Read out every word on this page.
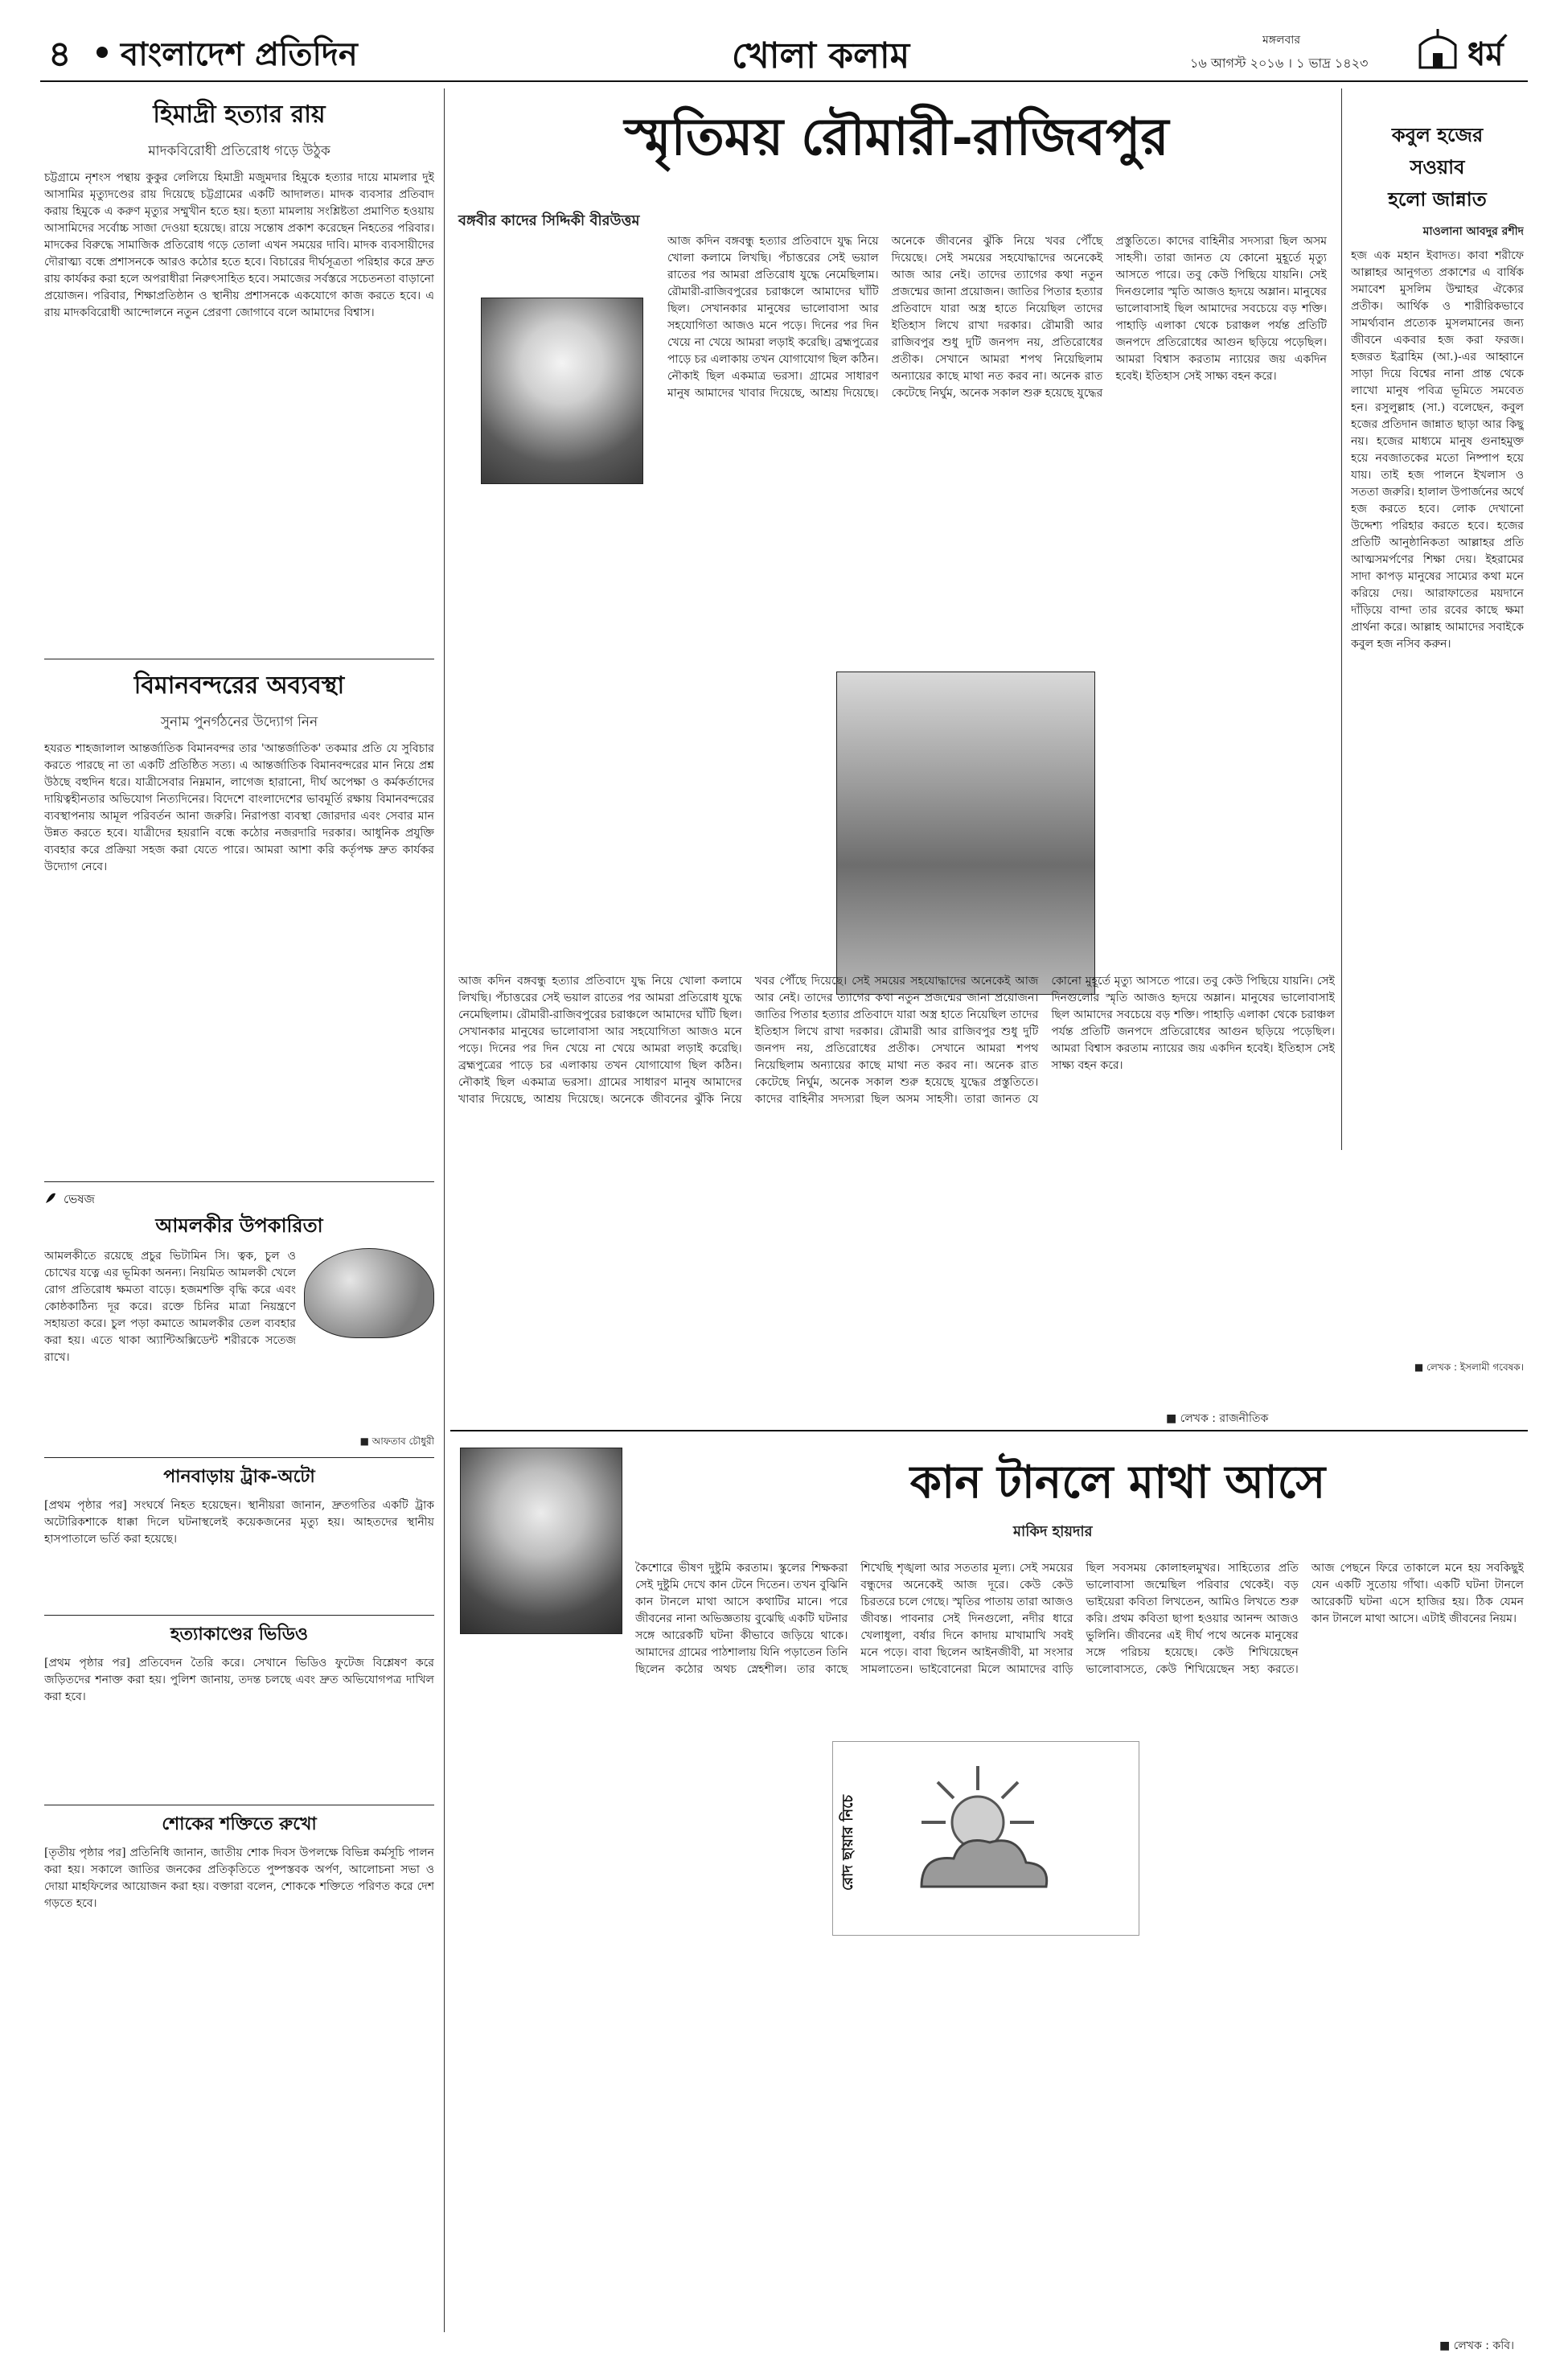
৪ বাংলাদেশ প্রতিদিন	খোলা কলাম	মঙ্গলবার
১৬ আগস্ট ২০১৬ । ১ ভাদ্র ১৪২৩	ধর্ম
হিমাদ্রী হত্যার রায়
মাদকবিরোধী প্রতিরোধ গড়ে উঠুক
চট্টগ্রামে নৃশংস পন্থায় কুকুর লেলিয়ে হিমাদ্রী মজুমদার হিমুকে হত্যার দায়ে মামলার দুই আসামির মৃত্যুদণ্ডের রায় দিয়েছে চট্টগ্রামের একটি আদালত। মাদক ব্যবসার প্রতিবাদ করায় হিমুকে এ করুণ মৃত্যুর সম্মুখীন হতে হয়। হত্যা মামলায় সংশ্লিষ্টতা প্রমাণিত হওয়ায় আসামিদের সর্বোচ্চ সাজা দেওয়া হয়েছে। রায়ে সন্তোষ প্রকাশ করেছেন নিহতের পরিবার। মাদকের বিরুদ্ধে সামাজিক প্রতিরোধ গড়ে তোলা এখন সময়ের দাবি। মাদক ব্যবসায়ীদের দৌরাত্ম্য বন্ধে প্রশাসনকে আরও কঠোর হতে হবে। বিচারের দীর্ঘসূত্রতা পরিহার করে দ্রুত রায় কার্যকর করা হলে অপরাধীরা নিরুৎসাহিত হবে। সমাজের সর্বস্তরে সচেতনতা বাড়ানো প্রয়োজন। পরিবার, শিক্ষাপ্রতিষ্ঠান ও স্থানীয় প্রশাসনকে একযোগে কাজ করতে হবে। এ রায় মাদকবিরোধী আন্দোলনে নতুন প্রেরণা জোগাবে বলে আমাদের বিশ্বাস।
বিমানবন্দরের অব্যবস্থা
সুনাম পুনর্গঠনের উদ্যোগ নিন
হযরত শাহজালাল আন্তর্জাতিক বিমানবন্দর তার 'আন্তর্জাতিক' তকমার প্রতি যে সুবিচার করতে পারছে না তা একটি প্রতিষ্ঠিত সত্য। এ আন্তর্জাতিক বিমানবন্দরের মান নিয়ে প্রশ্ন উঠছে বহুদিন ধরে। যাত্রীসেবার নিম্নমান, লাগেজ হারানো, দীর্ঘ অপেক্ষা ও কর্মকর্তাদের দায়িত্বহীনতার অভিযোগ নিত্যদিনের। বিদেশে বাংলাদেশের ভাবমূর্তি রক্ষায় বিমানবন্দরের ব্যবস্থাপনায় আমূল পরিবর্তন আনা জরুরি। নিরাপত্তা ব্যবস্থা জোরদার এবং সেবার মান উন্নত করতে হবে। যাত্রীদের হয়রানি বন্ধে কঠোর নজরদারি দরকার। আধুনিক প্রযুক্তি ব্যবহার করে প্রক্রিয়া সহজ করা যেতে পারে। আমরা আশা করি কর্তৃপক্ষ দ্রুত কার্যকর উদ্যোগ নেবে।
ভেষজ
আমলকীর উপকারিতা
আমলকীতে রয়েছে প্রচুর ভিটামিন সি। ত্বক, চুল ও চোখের যত্নে এর ভূমিকা অনন্য। নিয়মিত আমলকী খেলে রোগ প্রতিরোধ ক্ষমতা বাড়ে। হজমশক্তি বৃদ্ধি করে এবং কোষ্ঠকাঠিন্য দূর করে। রক্তে চিনির মাত্রা নিয়ন্ত্রণে সহায়তা করে। চুল পড়া কমাতে আমলকীর তেল ব্যবহার করা হয়। এতে থাকা অ্যান্টিঅক্সিডেন্ট শরীরকে সতেজ রাখে।
■ আফতাব চৌধুরী
পানবাড়ায় ট্রাক-অটো
[প্রথম পৃষ্ঠার পর] সংঘর্ষে নিহত হয়েছেন। স্থানীয়রা জানান, দ্রুতগতির একটি ট্রাক অটোরিকশাকে ধাক্কা দিলে ঘটনাস্থলেই কয়েকজনের মৃত্যু হয়। আহতদের স্থানীয় হাসপাতালে ভর্তি করা হয়েছে।
হত্যাকাণ্ডের ভিডিও
[প্রথম পৃষ্ঠার পর] প্রতিবেদন তৈরি করে। সেখানে ভিডিও ফুটেজ বিশ্লেষণ করে জড়িতদের শনাক্ত করা হয়। পুলিশ জানায়, তদন্ত চলছে এবং দ্রুত অভিযোগপত্র দাখিল করা হবে।
শোকের শক্তিতে রুখো
[তৃতীয় পৃষ্ঠার পর] প্রতিনিধি জানান, জাতীয় শোক দিবস উপলক্ষে বিভিন্ন কর্মসূচি পালন করা হয়। সকালে জাতির জনকের প্রতিকৃতিতে পুষ্পস্তবক অর্পণ, আলোচনা সভা ও দোয়া মাহফিলের আয়োজন করা হয়। বক্তারা বলেন, শোককে শক্তিতে পরিণত করে দেশ গড়তে হবে।
স্মৃতিময় রৌমারী-রাজিবপুর
বঙ্গবীর কাদের সিদ্দিকী বীরউত্তম
আজ কদিন বঙ্গবন্ধু হত্যার প্রতিবাদে যুদ্ধ নিয়ে খোলা কলামে লিখছি। পঁচাত্তরের সেই ভয়াল রাতের পর আমরা প্রতিরোধ যুদ্ধে নেমেছিলাম। রৌমারী-রাজিবপুরের চরাঞ্চলে আমাদের ঘাঁটি ছিল। সেখানকার মানুষের ভালোবাসা আর সহযোগিতা আজও মনে পড়ে। দিনের পর দিন খেয়ে না খেয়ে আমরা লড়াই করেছি। ব্রহ্মপুত্রের পাড়ে চর এলাকায় তখন যোগাযোগ ছিল কঠিন। নৌকাই ছিল একমাত্র ভরসা। গ্রামের সাধারণ মানুষ আমাদের খাবার দিয়েছে, আশ্রয় দিয়েছে। অনেকে জীবনের ঝুঁকি নিয়ে খবর পৌঁছে দিয়েছে। সেই সময়ের সহযোদ্ধাদের অনেকেই আজ আর নেই। তাদের ত্যাগের কথা নতুন প্রজন্মের জানা প্রয়োজন। জাতির পিতার হত্যার প্রতিবাদে যারা অস্ত্র হাতে নিয়েছিল তাদের ইতিহাস লিখে রাখা দরকার। রৌমারী আর রাজিবপুর শুধু দুটি জনপদ নয়, প্রতিরোধের প্রতীক। সেখানে আমরা শপথ নিয়েছিলাম অন্যায়ের কাছে মাথা নত করব না। অনেক রাত কেটেছে নির্ঘুম, অনেক সকাল শুরু হয়েছে যুদ্ধের প্রস্তুতিতে। কাদের বাহিনীর সদস্যরা ছিল অসম সাহসী। তারা জানত যে কোনো মুহূর্তে মৃত্যু আসতে পারে। তবু কেউ পিছিয়ে যায়নি। সেই দিনগুলোর স্মৃতি আজও হৃদয়ে অম্লান। মানুষের ভালোবাসাই ছিল আমাদের সবচেয়ে বড় শক্তি। পাহাড়ি এলাকা থেকে চরাঞ্চল পর্যন্ত প্রতিটি জনপদে প্রতিরোধের আগুন ছড়িয়ে পড়েছিল। আমরা বিশ্বাস করতাম ন্যায়ের জয় একদিন হবেই। ইতিহাস সেই সাক্ষ্য বহন করে।
আজ কদিন বঙ্গবন্ধু হত্যার প্রতিবাদে যুদ্ধ নিয়ে খোলা কলামে লিখছি। পঁচাত্তরের সেই ভয়াল রাতের পর আমরা প্রতিরোধ যুদ্ধে নেমেছিলাম। রৌমারী-রাজিবপুরের চরাঞ্চলে আমাদের ঘাঁটি ছিল। সেখানকার মানুষের ভালোবাসা আর সহযোগিতা আজও মনে পড়ে। দিনের পর দিন খেয়ে না খেয়ে আমরা লড়াই করেছি। ব্রহ্মপুত্রের পাড়ে চর এলাকায় তখন যোগাযোগ ছিল কঠিন। নৌকাই ছিল একমাত্র ভরসা। গ্রামের সাধারণ মানুষ আমাদের খাবার দিয়েছে, আশ্রয় দিয়েছে। অনেকে জীবনের ঝুঁকি নিয়ে খবর পৌঁছে দিয়েছে। সেই সময়ের সহযোদ্ধাদের অনেকেই আজ আর নেই। তাদের ত্যাগের কথা নতুন প্রজন্মের জানা প্রয়োজন। জাতির পিতার হত্যার প্রতিবাদে যারা অস্ত্র হাতে নিয়েছিল তাদের ইতিহাস লিখে রাখা দরকার। রৌমারী আর রাজিবপুর শুধু দুটি জনপদ নয়, প্রতিরোধের প্রতীক। সেখানে আমরা শপথ নিয়েছিলাম অন্যায়ের কাছে মাথা নত করব না। অনেক রাত কেটেছে নির্ঘুম, অনেক সকাল শুরু হয়েছে যুদ্ধের প্রস্তুতিতে। কাদের বাহিনীর সদস্যরা ছিল অসম সাহসী। তারা জানত যে কোনো মুহূর্তে মৃত্যু আসতে পারে। তবু কেউ পিছিয়ে যায়নি। সেই দিনগুলোর স্মৃতি আজও হৃদয়ে অম্লান। মানুষের ভালোবাসাই ছিল আমাদের সবচেয়ে বড় শক্তি। পাহাড়ি এলাকা থেকে চরাঞ্চল পর্যন্ত প্রতিটি জনপদে প্রতিরোধের আগুন ছড়িয়ে পড়েছিল। আমরা বিশ্বাস করতাম ন্যায়ের জয় একদিন হবেই। ইতিহাস সেই সাক্ষ্য বহন করে।
■ লেখক : রাজনীতিক
কবুল হজের
সওয়াব
হলো জান্নাত
মাওলানা আবদুর রশীদ
হজ এক মহান ইবাদত। কাবা শরীফে আল্লাহর আনুগত্য প্রকাশের এ বার্ষিক সমাবেশ মুসলিম উম্মাহর ঐক্যের প্রতীক। আর্থিক ও শারীরিকভাবে সামর্থ্যবান প্রত্যেক মুসলমানের জন্য জীবনে একবার হজ করা ফরজ। হজরত ইব্রাহিম (আ.)-এর আহ্বানে সাড়া দিয়ে বিশ্বের নানা প্রান্ত থেকে লাখো মানুষ পবিত্র ভূমিতে সমবেত হন। রসুলুল্লাহ (সা.) বলেছেন, কবুল হজের প্রতিদান জান্নাত ছাড়া আর কিছু নয়। হজের মাধ্যমে মানুষ গুনাহমুক্ত হয়ে নবজাতকের মতো নিষ্পাপ হয়ে যায়। তাই হজ পালনে ইখলাস ও সততা জরুরি। হালাল উপার্জনের অর্থে হজ করতে হবে। লোক দেখানো উদ্দেশ্য পরিহার করতে হবে। হজের প্রতিটি আনুষ্ঠানিকতা আল্লাহর প্রতি আত্মসমর্পণের শিক্ষা দেয়। ইহরামের সাদা কাপড় মানুষের সাম্যের কথা মনে করিয়ে দেয়। আরাফাতের ময়দানে দাঁড়িয়ে বান্দা তার রবের কাছে ক্ষমা প্রার্থনা করে। আল্লাহ আমাদের সবাইকে কবুল হজ নসিব করুন।
■ লেখক : ইসলামী গবেষক।
কান টানলে মাথা আসে
মাকিদ হায়দার
কৈশোরে ভীষণ দুষ্টুমি করতাম। স্কুলের শিক্ষকরা সেই দুষ্টুমি দেখে কান টেনে দিতেন। তখন বুঝিনি কান টানলে মাথা আসে কথাটির মানে। পরে জীবনের নানা অভিজ্ঞতায় বুঝেছি একটি ঘটনার সঙ্গে আরেকটি ঘটনা কীভাবে জড়িয়ে থাকে। আমাদের গ্রামের পাঠশালায় যিনি পড়াতেন তিনি ছিলেন কঠোর অথচ স্নেহশীল। তার কাছে শিখেছি শৃঙ্খলা আর সততার মূল্য। সেই সময়ের বন্ধুদের অনেকেই আজ দূরে। কেউ কেউ চিরতরে চলে গেছে। স্মৃতির পাতায় তারা আজও জীবন্ত। পাবনার সেই দিনগুলো, নদীর ধারে খেলাধুলা, বর্ষার দিনে কাদায় মাখামাখি সবই মনে পড়ে। বাবা ছিলেন আইনজীবী, মা সংসার সামলাতেন। ভাইবোনেরা মিলে আমাদের বাড়ি ছিল সবসময় কোলাহলমুখর। সাহিত্যের প্রতি ভালোবাসা জন্মেছিল পরিবার থেকেই। বড় ভাইয়েরা কবিতা লিখতেন, আমিও লিখতে শুরু করি। প্রথম কবিতা ছাপা হওয়ার আনন্দ আজও ভুলিনি। জীবনের এই দীর্ঘ পথে অনেক মানুষের সঙ্গে পরিচয় হয়েছে। কেউ শিখিয়েছেন ভালোবাসতে, কেউ শিখিয়েছেন সহ্য করতে। আজ পেছনে ফিরে তাকালে মনে হয় সবকিছুই যেন একটি সুতোয় গাঁথা। একটি ঘটনা টানলে আরেকটি ঘটনা এসে হাজির হয়। ঠিক যেমন কান টানলে মাথা আসে। এটাই জীবনের নিয়ম।
রোদ ছায়ার নিচে
■ লেখক : কবি।
